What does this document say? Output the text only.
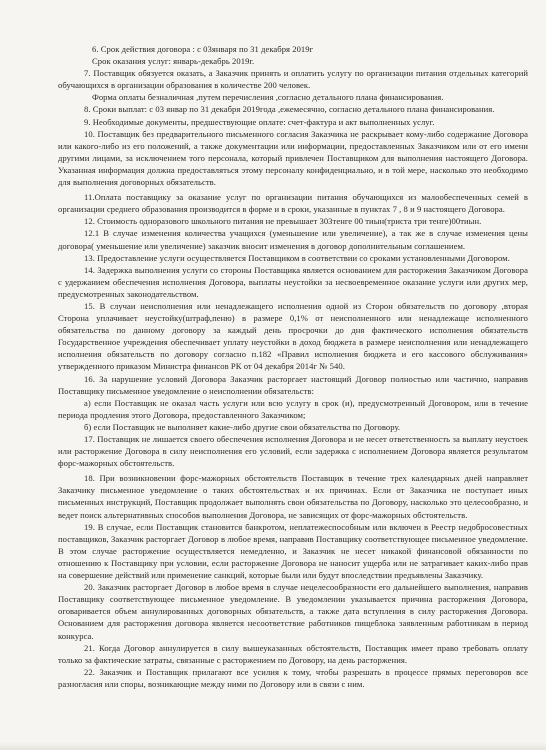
6. Срок действия договора : с 03января по 31 декабря 2019г

Срок оказания услуг: январь-декабрь 2019г.

7. Поставщик обязуется оказать, а Заказчик принять и оплатить услугу по организации питания отдельных категорий обучающихся в организации образования в количестве 200 человек.

Форма оплаты безналичная ,путем перечисления ,согласно детального плана финансирования.

8. Сроки выплат: с 03 январ по 31 декабря 2019года ,ежемесячно, согласно детального плана финансирования.

9. Необходимые документы, предшествующие оплате: счет-фактура и акт выполненных услуг.

10. Поставщик без предварительного письменного согласия Заказчика не раскрывает кому-либо содержание Договора или какого-либо из его положений, а также документации или информации, предоставленных Заказчиком или от его имени другими лицами, за исключением того персонала, который привлечен Поставщиком для выполнения настоящего Договора. Указанная информация должна предоставляться этому персоналу конфиденциально, и в той мере, насколько это необходимо для выполнения договорных обязательств.

11.Оплата поставщику за оказание услуг по организации питания обучающихся из малообеспеченных семей в организации среднего образования производится в форме и в сроки, указанные в пунктах 7 , 8 и 9 настоящего Договора.

12. Стоимость одноразового школьного питания не превышает 303тенге 00 тиын(триста три тенге)00тиын.

12.1 В случае изменения количества учащихся (уменьшение или увеличение), а так же в случае изменения цены договора( уменьшение или увеличение) заказчик вносит изменения в договор дополнительным соглашением.

13. Предоставление услуги осуществляется Поставщиком в соответствии со сроками установленными Договором.

14. Задержка выполнения услуги со стороны Поставщика является основанием для расторжения Заказчиком Договора с удержанием обеспечения исполнения Договора, выплаты неустойки за несвоевременное оказание услуги или других мер, предусмотренных законодательством.

15. В случаи неисполнения или ненадлежащего исполнения одной из Сторон обязательств по договору ,вторая Сторона уплачивает неустойку(штраф,пеню) в размере 0,1% от неисполненного или ненадлежаще исполненного обязательства по данному договору за каждый день просрочки до дня фактического исполнения обязательств Государственное учреждения обеспечивает уплату неустойки в доход бюджета в размере неисполнения или ненадлежащего исполнения обязательств по договору согласно п.182 «Правил исполнения бюджета и его кассового обслуживания» утвержденного приказом Министра финансов РК от 04 декабря 2014г № 540.

16. За нарушение условий Договора Заказчик расторгает настоящий Договор полностью или частично, направив Поставщику письменное уведомление о неисполнении обязательств:

а) если Поставщик не оказал часть услуги или всю услугу в срок (и), предусмотренный Договором, или в течение периода продления этого Договора, предоставленного Заказчиком;

б) если Поставщик не выполняет какие-либо другие свои обязательства по Договору.

17. Поставщик не лишается своего обеспечения исполнения Договора и не несет ответственность за выплату неустоек или расторжение Договора в силу неисполнения его условий, если задержка с исполнением Договора является результатом форс-мажорных обстоятельств.

18. При возникновении форс-мажорных обстоятельств Поставщик в течение трех календарных дней направляет Заказчику письменное уведомление о таких обстоятельствах и их причинах. Если от Заказчика не поступает иных письменных инструкций, Поставщик продолжает выполнять свои обязательства по Договору, насколько это целесообразно, и ведет поиск альтернативных способов выполнения Договора, не зависящих от форс-мажорных обстоятельств.

19. В случае, если Поставщик становится банкротом, неплатежеспособным или включен в Реестр недобросовестных поставщиков, Заказчик расторгает Договор в любое время, направив Поставщику соответствующее письменное уведомление. В этом случае расторжение осуществляется немедленно, и Заказчик не несет никакой финансовой обязанности по отношению к Поставщику при условии, если расторжение Договора не наносит ущерба или не затрагивает каких-либо прав на совершение действий или применение санкций, которые были или будут впоследствии предъявлены Заказчику.

20. Заказчик расторгает Договор в любое время в случае нецелесообразности его дальнейшего выполнения, направив Поставщику соответствующее письменное уведомление. В уведомлении указывается причина расторжения Договора, оговаривается объем аннулированных договорных обязательств, а также дата вступления в силу расторжения Договора. Основанием для расторжения договора является несоответствие работников пищеблока заявленным работникам в период конкурса.

21. Когда Договор аннулируется в силу вышеуказанных обстоятельств, Поставщик имеет право требовать оплату только за фактические затраты, связанные с расторжением по Договору, на день расторжения.

22. Заказчик и Поставщик прилагают все усилия к тому, чтобы разрешать в процессе прямых переговоров все разногласия или споры, возникающие между ними по Договору или в связи с ним.
